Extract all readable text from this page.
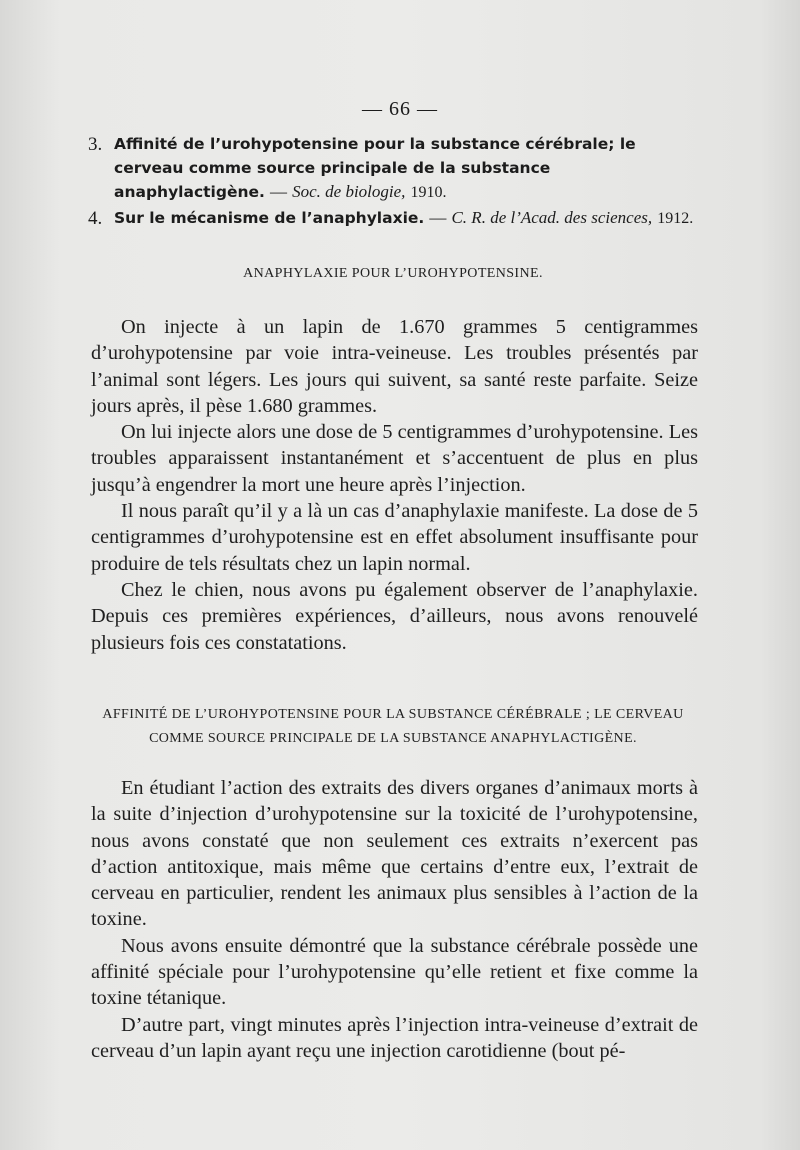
— 66 —
3. Affinité de l’urohypotensine pour la substance cérébrale; le cerveau comme source principale de la substance anaphylactigène. — Soc. de biologie, 1910.
4. Sur le mécanisme de l’anaphylaxie. — C. R. de l’Acad. des sciences, 1912.
ANAPHYLAXIE POUR L’UROHYPOTENSINE.

On injecte à un lapin de 1.670 grammes 5 centigrammes d’urohypotensine par voie intra-veineuse. Les troubles présentés par l’animal sont légers. Les jours qui suivent, sa santé reste parfaite. Seize jours après, il pèse 1.680 grammes.

On lui injecte alors une dose de 5 centigrammes d’urohypotensine. Les troubles apparaissent instantanément et s’accentuent de plus en plus jusqu’à engendrer la mort une heure après l’injection.

Il nous paraît qu’il y a là un cas d’anaphylaxie manifeste. La dose de 5 centigrammes d’urohypotensine est en effet absolument insuffisante pour produire de tels résultats chez un lapin normal.

Chez le chien, nous avons pu également observer de l’anaphylaxie. Depuis ces premières expériences, d’ailleurs, nous avons renouvelé plusieurs fois ces constatations.

AFFINITÉ DE L’UROHYPOTENSINE POUR LA SUBSTANCE CÉRÉBRALE ; LE CERVEAU
COMME SOURCE PRINCIPALE DE LA SUBSTANCE ANAPHYLACTIGÈNE.

En étudiant l’action des extraits des divers organes d’animaux morts à la suite d’injection d’urohypotensine sur la toxicité de l’urohypotensine, nous avons constaté que non seulement ces extraits n’exercent pas d’action antitoxique, mais même que certains d’entre eux, l’extrait de cerveau en particulier, rendent les animaux plus sensibles à l’action de la toxine.

Nous avons ensuite démontré que la substance cérébrale possède une affinité spéciale pour l’urohypotensine qu’elle retient et fixe comme la toxine tétanique.

D’autre part, vingt minutes après l’injection intra-veineuse d’extrait de cerveau d’un lapin ayant reçu une injection carotidienne (bout pé-
